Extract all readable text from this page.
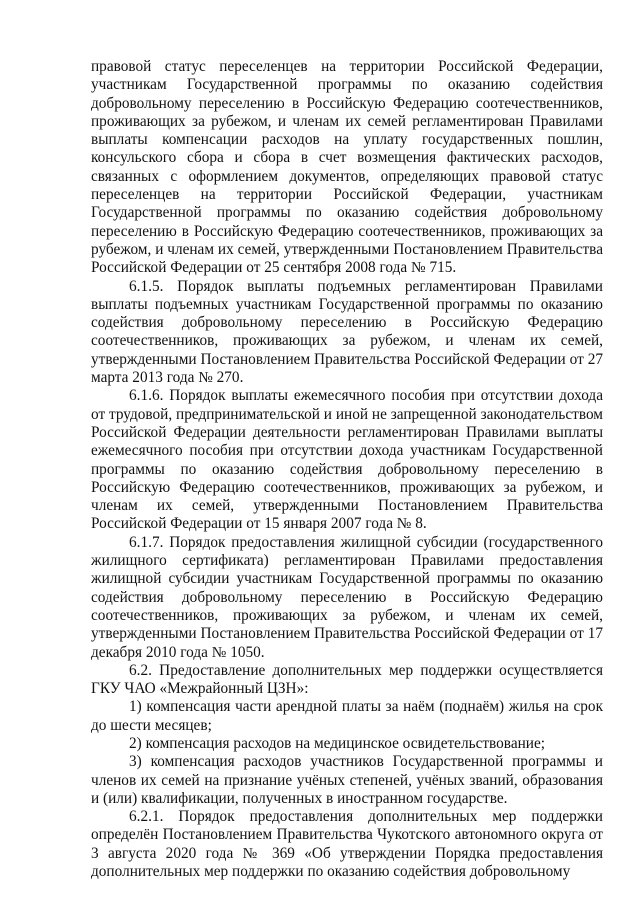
правовой статус переселенцев на территории Российской Федерации, участникам Государственной программы по оказанию содействия добровольному переселению в Российскую Федерацию соотечественников, проживающих за рубежом, и членам их семей регламентирован Правилами выплаты компенсации расходов на уплату государственных пошлин, консульского сбора и сбора в счет возмещения фактических расходов, связанных с оформлением документов, определяющих правовой статус переселенцев на территории Российской Федерации, участникам Государственной программы по оказанию содействия добровольному переселению в Российскую Федерацию соотечественников, проживающих за рубежом, и членам их семей, утвержденными Постановлением Правительства Российской Федерации от 25 сентября 2008 года № 715.

6.1.5. Порядок выплаты подъемных регламентирован Правилами выплаты подъемных участникам Государственной программы по оказанию содействия добровольному переселению в Российскую Федерацию соотечественников, проживающих за рубежом, и членам их семей, утвержденными Постановлением Правительства Российской Федерации от 27 марта 2013 года № 270.

6.1.6. Порядок выплаты ежемесячного пособия при отсутствии дохода от трудовой, предпринимательской и иной не запрещенной законодательством Российской Федерации деятельности регламентирован Правилами выплаты ежемесячного пособия при отсутствии дохода участникам Государственной программы по оказанию содействия добровольному переселению в Российскую Федерацию соотечественников, проживающих за рубежом, и членам их семей, утвержденными Постановлением Правительства Российской Федерации от 15 января 2007 года № 8.

6.1.7. Порядок предоставления жилищной субсидии (государственного жилищного сертификата) регламентирован Правилами предоставления жилищной субсидии участникам Государственной программы по оказанию содействия добровольному переселению в Российскую Федерацию соотечественников, проживающих за рубежом, и членам их семей, утвержденными Постановлением Правительства Российской Федерации от 17 декабря 2010 года № 1050.

6.2. Предоставление дополнительных мер поддержки осуществляется ГКУ ЧАО «Межрайонный ЦЗН»:

1) компенсация части арендной платы за наём (поднаём) жилья на срок до шести месяцев;

2) компенсация расходов на медицинское освидетельствование;

3) компенсация расходов участников Государственной программы и членов их семей на признание учёных степеней, учёных званий, образования и (или) квалификации, полученных в иностранном государстве.

6.2.1. Порядок предоставления дополнительных мер поддержки определён Постановлением Правительства Чукотского автономного округа от 3 августа 2020 года № 369 «Об утверждении Порядка предоставления дополнительных мер поддержки по оказанию содействия добровольному
